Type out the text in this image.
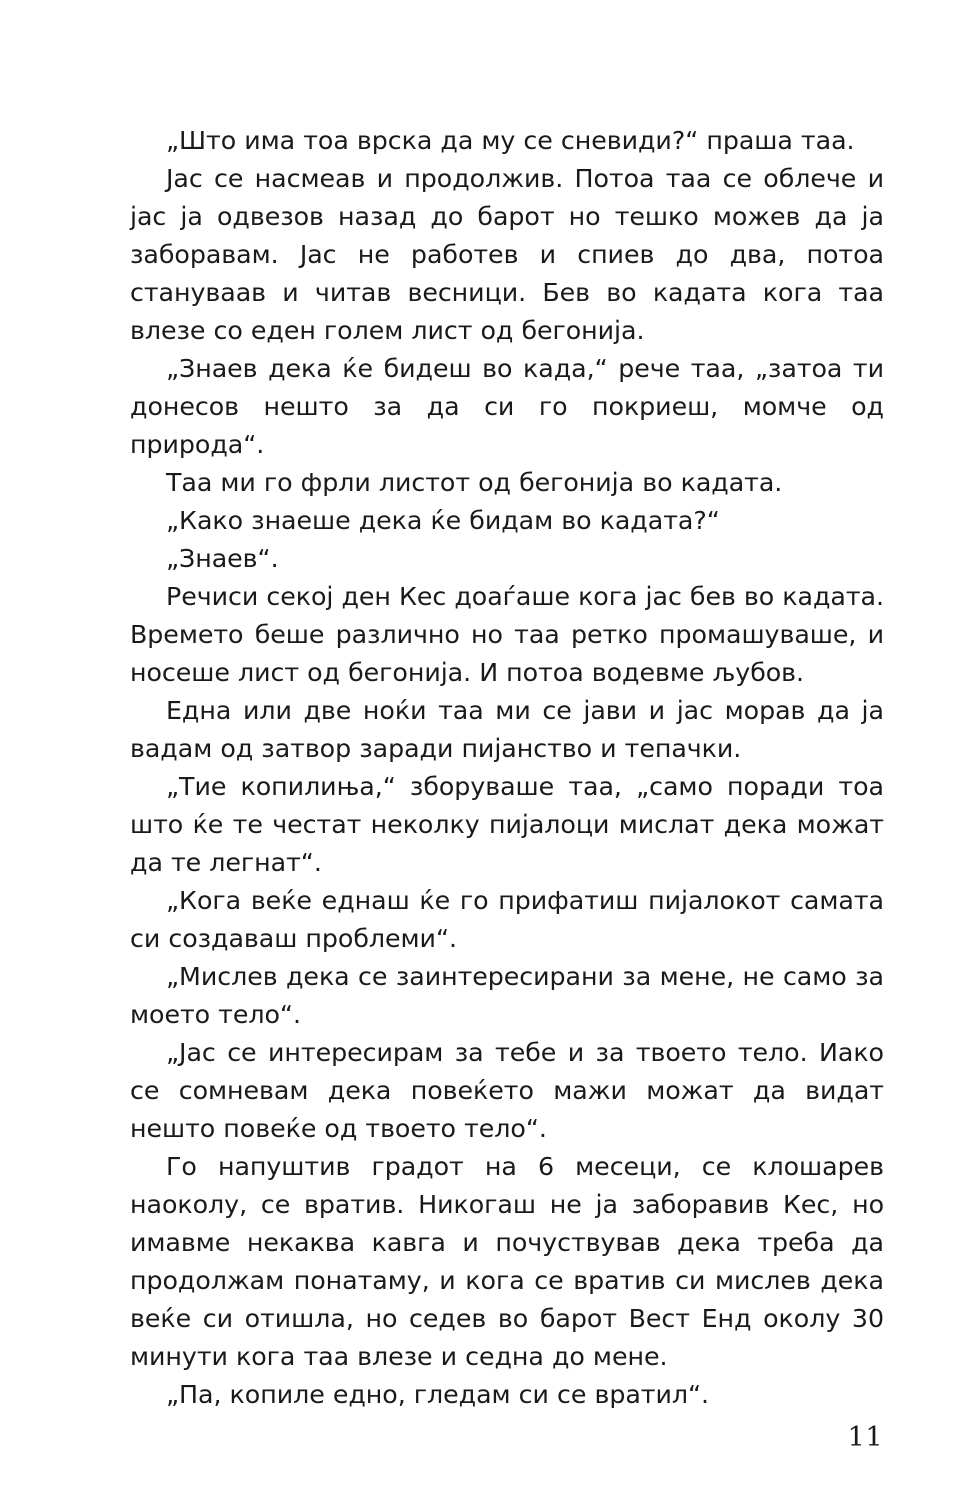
„Што има тоа врска да му се сневиди?“ праша таа.

Јас се насмеав и продолжив. Потоа таа се облече и јас ја одвезов назад до барот но тешко можев да ја заборавам. Јас не работев и спиев до два, потоа стануваав и читав весници. Бев во кадата кога таа влезе со еден голем лист од бегонија.

„Знаев дека ќе бидеш во када,“ рече таа, „затоа ти донесов нешто за да си го покриеш, момче од природа“.

Таа ми го фрли листот од бегонија во кадата.

„Како знаеше дека ќе бидам во кадата?“

„Знаев“.

Речиси секој ден Кес доаѓаше кога јас бев во кадата. Времето беше различно но таа ретко промашуваше, и носеше лист од бегонија. И потоа водевме љубов.

Една или две ноќи таа ми се јави и јас морав да ја вадам од затвор заради пијанство и тепачки.

„Тие копилиња,“ зборуваше таа, „само поради тоа што ќе те честат неколку пијалоци мислат дека можат да те легнат“.

„Кога веќе еднаш ќе го прифатиш пијалокот самата си создаваш проблеми“.

„Мислев дека се заинтересирани за мене, не само за моето тело“.

„Јас се интересирам за тебе и за твоето тело. Иако се сомневам дека повеќето мажи можат да видат нешто повеќе од твоето тело“.

Го напуштив градот на 6 месеци, се клошарев наоколу, се вратив. Никогаш не ја заборавив Кес, но имавме некаква кавга и почуствував дека треба да продолжам понатаму, и кога се вратив си мислев дека веќе си отишла, но седев во барот Вест Енд околу 30 минути кога таа влезе и седна до мене.

„Па, копиле едно, гледам си се вратил“.

11
